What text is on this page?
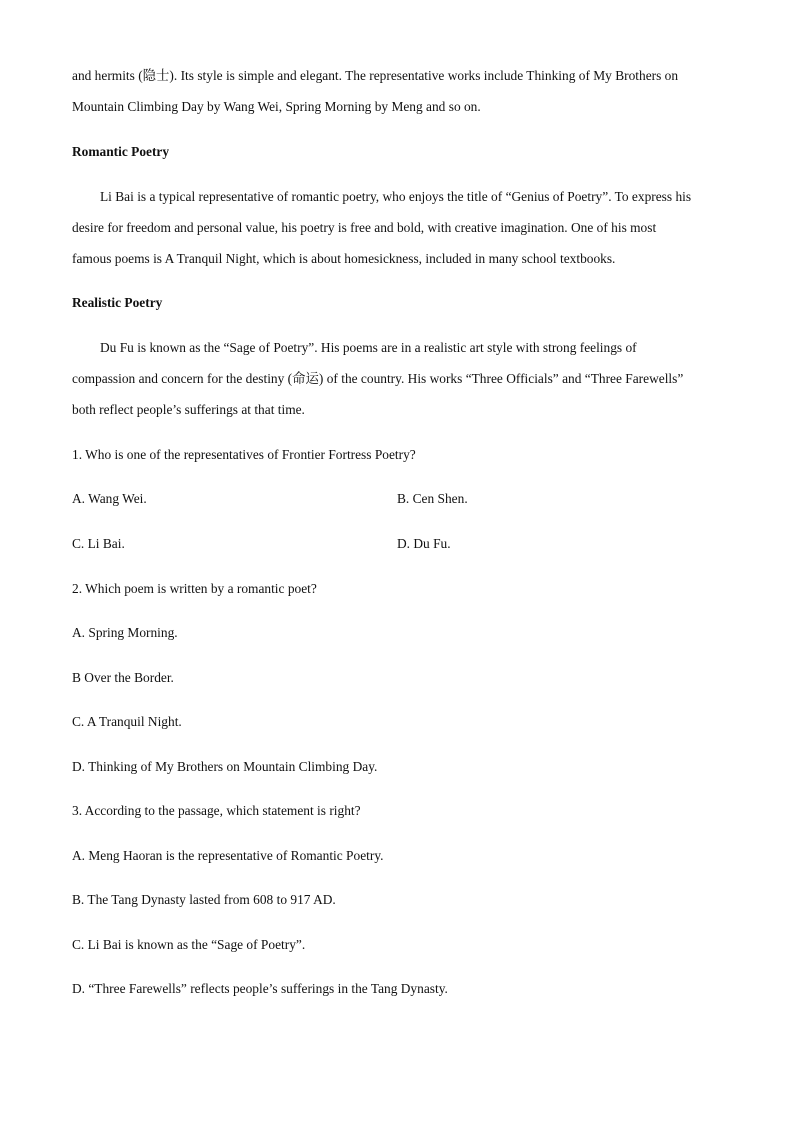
and hermits (隐士). Its style is simple and elegant. The representative works include Thinking of My Brothers on
Mountain Climbing Day by Wang Wei, Spring Morning by Meng and so on.
Romantic Poetry
Li Bai is a typical representative of romantic poetry, who enjoys the title of “Genius of Poetry”. To express his
desire for freedom and personal value, his poetry is free and bold, with creative imagination. One of his most
famous poems is A Tranquil Night, which is about homesickness, included in many school textbooks.
Realistic Poetry
Du Fu is known as the “Sage of Poetry”. His poems are in a realistic art style with strong feelings of
compassion and concern for the destiny (命运) of the country. His works “Three Officials” and “Three Farewells”
both reflect people’s sufferings at that time.
1. Who is one of the representatives of Frontier Fortress Poetry?
A. Wang Wei.	B. Cen Shen.
C. Li Bai.	D. Du Fu.
2. Which poem is written by a romantic poet?
A. Spring Morning.
B Over the Border.
C. A Tranquil Night.
D. Thinking of My Brothers on Mountain Climbing Day.
3. According to the passage, which statement is right?
A. Meng Haoran is the representative of Romantic Poetry.
B. The Tang Dynasty lasted from 608 to 917 AD.
C. Li Bai is known as the “Sage of Poetry”.
D. “Three Farewells” reflects people’s sufferings in the Tang Dynasty.
